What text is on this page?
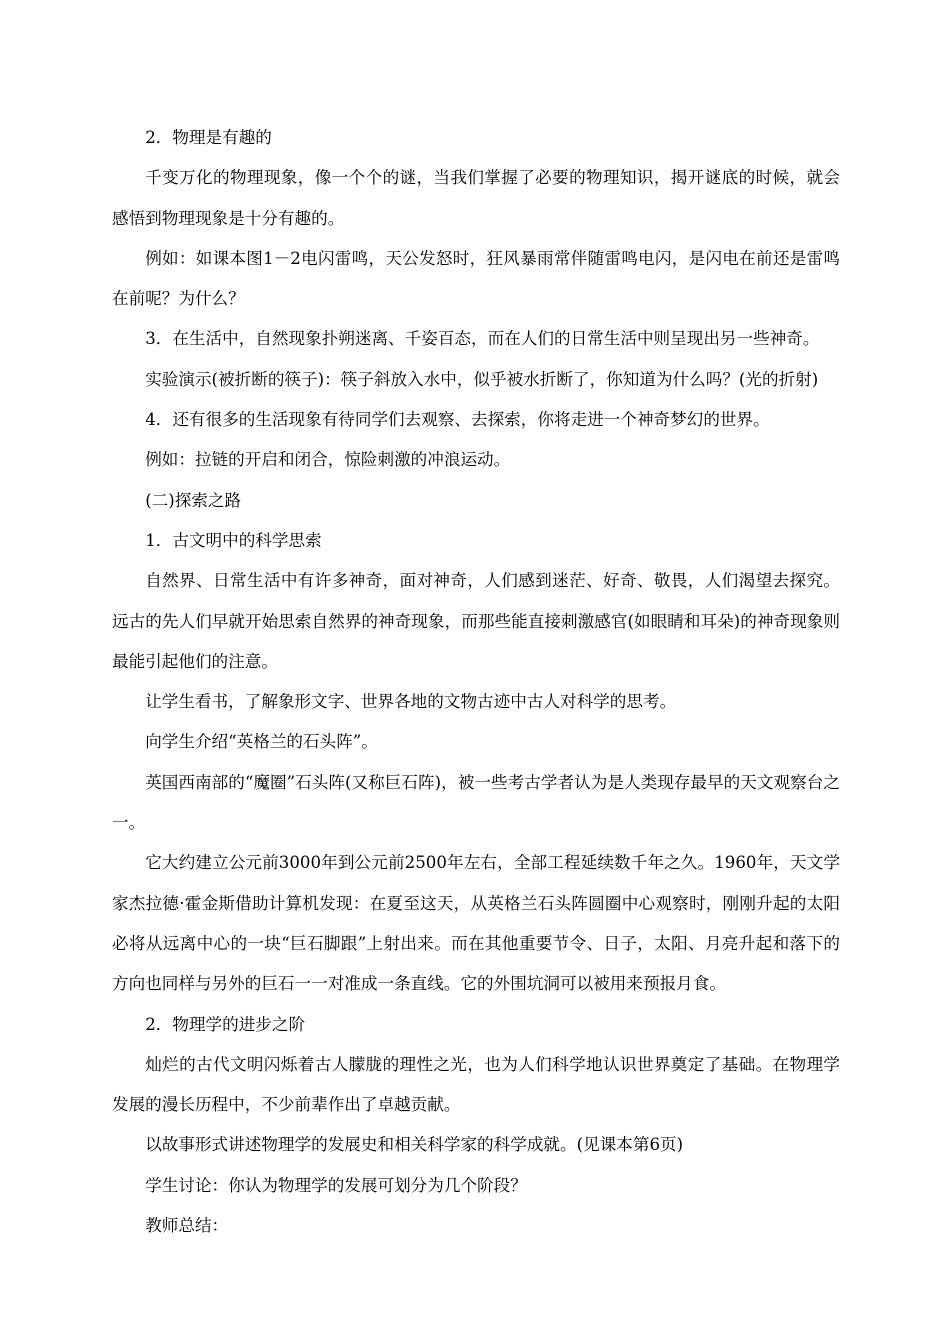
2．物理是有趣的

千变万化的物理现象，像一个个的谜，当我们掌握了必要的物理知识，揭开谜底的时候，就会感悟到物理现象是十分有趣的。

例如：如课本图1－2电闪雷鸣，天公发怒时，狂风暴雨常伴随雷鸣电闪，是闪电在前还是雷鸣在前呢？为什么？

3．在生活中，自然现象扑朔迷离、千姿百态，而在人们的日常生活中则呈现出另一些神奇。

实验演示(被折断的筷子)：筷子斜放入水中，似乎被水折断了，你知道为什么吗？(光的折射)

4．还有很多的生活现象有待同学们去观察、去探索，你将走进一个神奇梦幻的世界。

例如：拉链的开启和闭合，惊险刺激的冲浪运动。

(二)探索之路

1．古文明中的科学思索

自然界、日常生活中有许多神奇，面对神奇，人们感到迷茫、好奇、敬畏，人们渴望去探究。远古的先人们早就开始思索自然界的神奇现象，而那些能直接刺激感官(如眼睛和耳朵)的神奇现象则最能引起他们的注意。

让学生看书，了解象形文字、世界各地的文物古迹中古人对科学的思考。

向学生介绍“英格兰的石头阵”。

英国西南部的“魔圈”石头阵(又称巨石阵)，被一些考古学者认为是人类现存最早的天文观察台之一。

它大约建立公元前3000年到公元前2500年左右，全部工程延续数千年之久。1960年，天文学家杰拉德·霍金斯借助计算机发现：在夏至这天，从英格兰石头阵圆圈中心观察时，刚刚升起的太阳必将从远离中心的一块“巨石脚跟”上射出来。而在其他重要节令、日子，太阳、月亮升起和落下的方向也同样与另外的巨石一一对准成一条直线。它的外围坑洞可以被用来预报月食。

2．物理学的进步之阶

灿烂的古代文明闪烁着古人朦胧的理性之光，也为人们科学地认识世界奠定了基础。在物理学发展的漫长历程中，不少前辈作出了卓越贡献。

以故事形式讲述物理学的发展史和相关科学家的科学成就。(见课本第6页)

学生讨论：你认为物理学的发展可划分为几个阶段？

教师总结：
